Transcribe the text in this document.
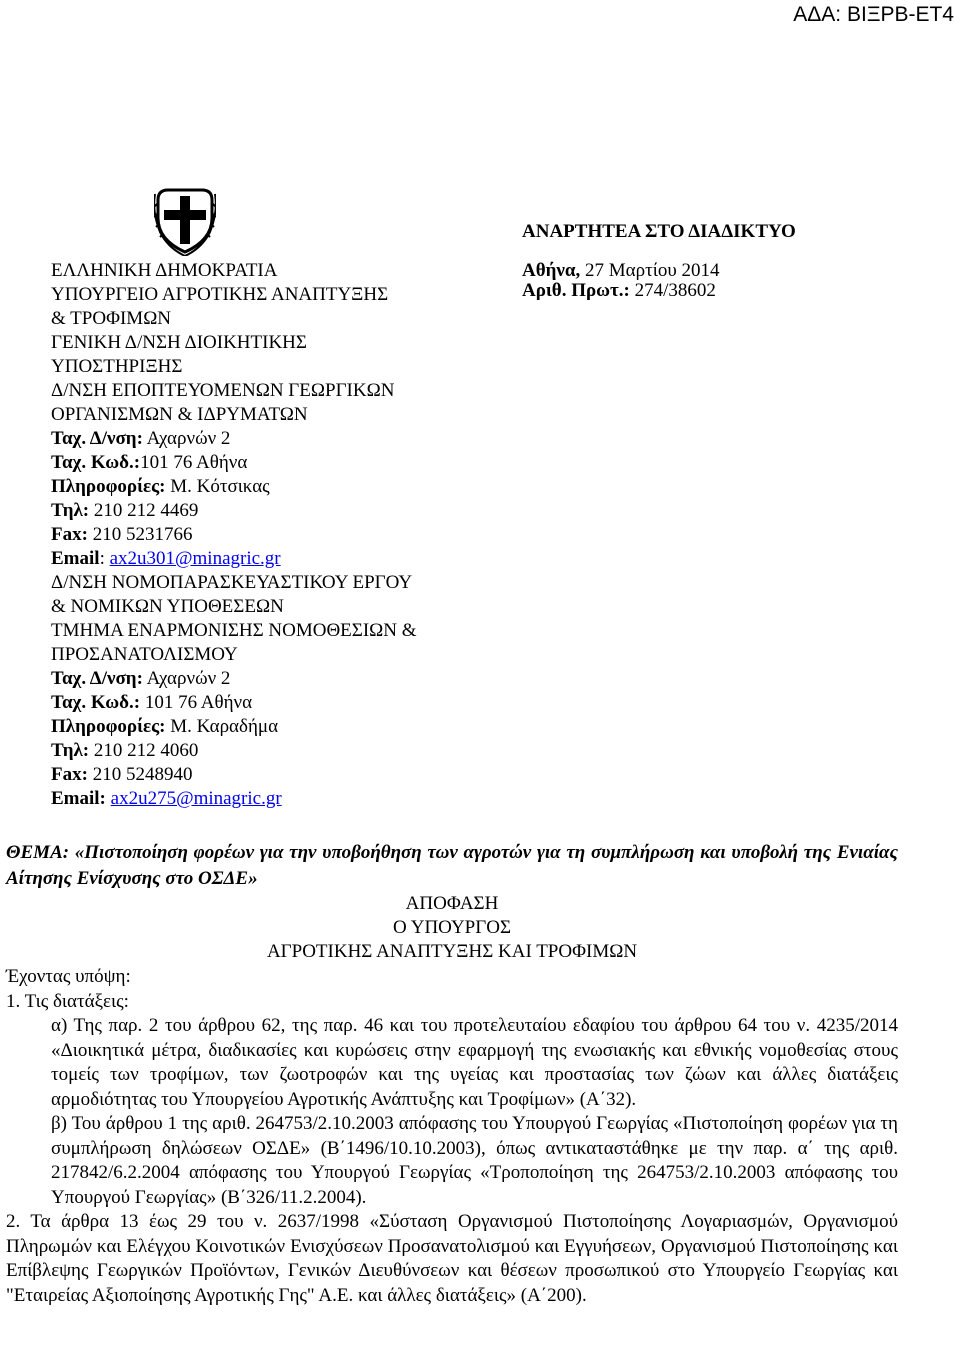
ΑΔΑ: ΒΙΞΡΒ-ΕΤ4
ΕΛΛΗΝΙΚΗ ΔΗΜΟΚΡΑΤΙΑ
ΥΠΟΥΡΓΕΙΟ ΑΓΡΟΤΙΚΗΣ ΑΝΑΠΤΥΞΗΣ
& ΤΡΟΦΙΜΩΝ
ΓΕΝΙΚΗ Δ/ΝΣΗ ΔΙΟΙΚΗΤΙΚΗΣ
ΥΠΟΣΤΗΡΙΞΗΣ
Δ/ΝΣΗ ΕΠΟΠΤΕΥΟΜΕΝΩΝ ΓΕΩΡΓΙΚΩΝ
ΟΡΓΑΝΙΣΜΩΝ & ΙΔΡΥΜΑΤΩΝ
Ταχ. Δ/νση: Αχαρνών 2
Ταχ. Κωδ.:101 76 Αθήνα
Πληροφορίες: Μ. Κότσικας
Τηλ: 210 212 4469
Fax: 210 5231766
Email: ax2u301@minagric.gr
Δ/ΝΣΗ ΝΟΜΟΠΑΡΑΣΚΕΥΑΣΤΙΚΟΥ ΕΡΓΟΥ
& ΝΟΜΙΚΩΝ ΥΠΟΘΕΣΕΩΝ
ΤΜΗΜΑ ΕΝΑΡΜΟΝΙΣΗΣ ΝΟΜΟΘΕΣΙΩΝ &
ΠΡΟΣΑΝΑΤΟΛΙΣΜΟΥ
Ταχ. Δ/νση: Αχαρνών 2
Ταχ. Κωδ.: 101 76 Αθήνα
Πληροφορίες: Μ. Καραδήμα
Τηλ: 210 212 4060
Fax: 210 5248940
Email: ax2u275@minagric.gr
ΑΝΑΡΤΗΤΕΑ ΣΤΟ ΔΙΑΔΙΚΤΥΟ
Αθήνα, 27 Μαρτίου 2014
Αριθ. Πρωτ.: 274/38602
ΘΕΜΑ: «Πιστοποίηση φορέων για την υποβοήθηση των αγροτών για τη συμπλήρωση και υποβολή της Ενιαίας Αίτησης Ενίσχυσης στο ΟΣΔΕ»
ΑΠΟΦΑΣΗ
Ο ΥΠΟΥΡΓΟΣ
ΑΓΡΟΤΙΚΗΣ ΑΝΑΠΤΥΞΗΣ ΚΑΙ ΤΡΟΦΙΜΩΝ
Έχοντας υπόψη:
1. Τις διατάξεις:
α) Της παρ. 2 του άρθρου 62, της παρ. 46 και του προτελευταίου εδαφίου του άρθρου 64 του ν. 4235/2014 «Διοικητικά μέτρα, διαδικασίες και κυρώσεις στην εφαρμογή της ενωσιακής και εθνικής νομοθεσίας στους τομείς των τροφίμων, των ζωοτροφών και της υγείας και προστασίας των ζώων και άλλες διατάξεις αρμοδιότητας του Υπουργείου Αγροτικής Ανάπτυξης και Τροφίμων» (Α΄32).
β) Του άρθρου 1 της αριθ. 264753/2.10.2003 απόφασης του Υπουργού Γεωργίας «Πιστοποίηση φορέων για τη συμπλήρωση δηλώσεων ΟΣΔΕ» (Β΄1496/10.10.2003), όπως αντικαταστάθηκε με την παρ. α΄ της αριθ. 217842/6.2.2004 απόφασης του Υπουργού Γεωργίας «Τροποποίηση της 264753/2.10.2003 απόφασης του Υπουργού Γεωργίας» (Β΄326/11.2.2004).
2. Τα άρθρα 13 έως 29 του ν. 2637/1998 «Σύσταση Οργανισμού Πιστοποίησης Λογαριασμών, Οργανισμού Πληρωμών και Ελέγχου Κοινοτικών Ενισχύσεων Προσανατολισμού και Εγγυήσεων, Οργανισμού Πιστοποίησης και Επίβλεψης Γεωργικών Προϊόντων, Γενικών Διευθύνσεων και θέσεων προσωπικού στο Υπουργείο Γεωργίας και "Εταιρείας Αξιοποίησης Αγροτικής Γης" Α.Ε. και άλλες διατάξεις» (Α΄200).
